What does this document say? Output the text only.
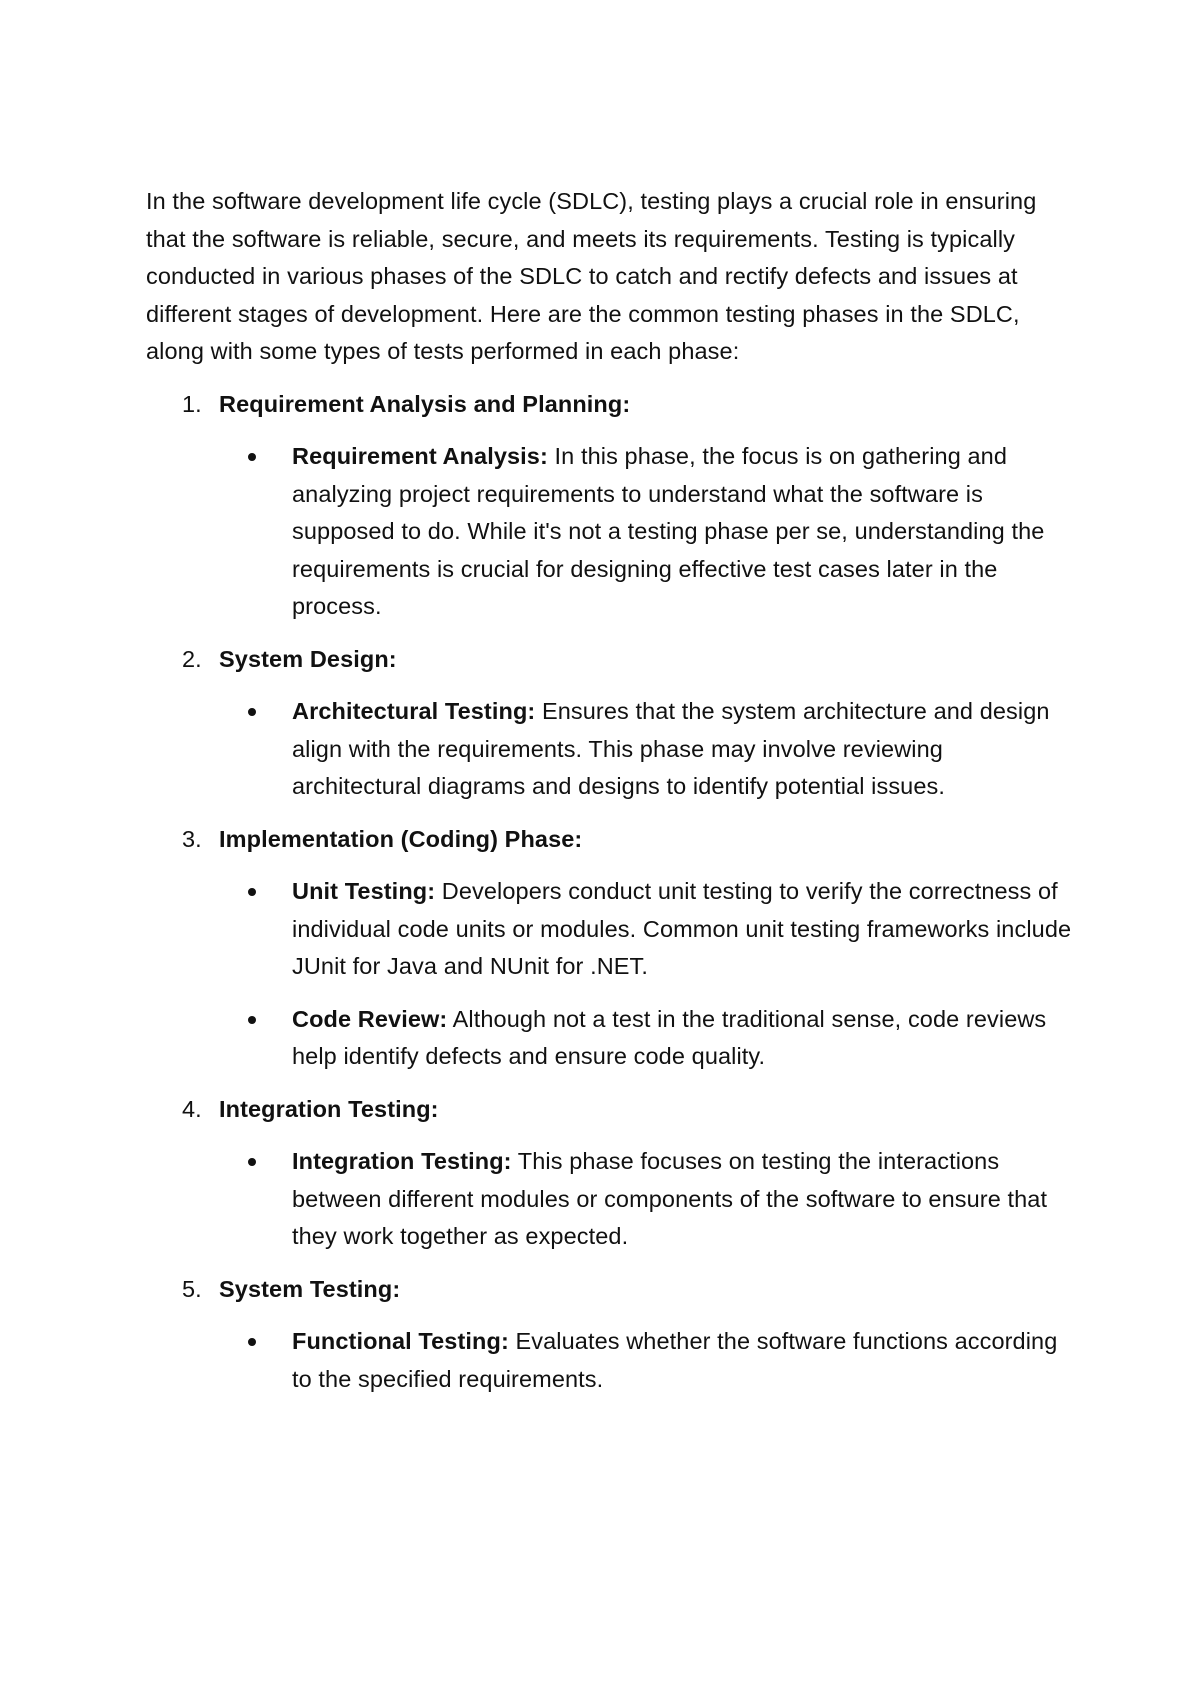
In the software development life cycle (SDLC), testing plays a crucial role in ensuring that the software is reliable, secure, and meets its requirements. Testing is typically conducted in various phases of the SDLC to catch and rectify defects and issues at different stages of development. Here are the common testing phases in the SDLC, along with some types of tests performed in each phase:

1. Requirement Analysis and Planning:
Requirement Analysis: In this phase, the focus is on gathering and analyzing project requirements to understand what the software is supposed to do. While it's not a testing phase per se, understanding the requirements is crucial for designing effective test cases later in the process.
2. System Design:
Architectural Testing: Ensures that the system architecture and design align with the requirements. This phase may involve reviewing architectural diagrams and designs to identify potential issues.
3. Implementation (Coding) Phase:
Unit Testing: Developers conduct unit testing to verify the correctness of individual code units or modules. Common unit testing frameworks include JUnit for Java and NUnit for .NET.
Code Review: Although not a test in the traditional sense, code reviews help identify defects and ensure code quality.
4. Integration Testing:
Integration Testing: This phase focuses on testing the interactions between different modules or components of the software to ensure that they work together as expected.
5. System Testing:
Functional Testing: Evaluates whether the software functions according to the specified requirements.
